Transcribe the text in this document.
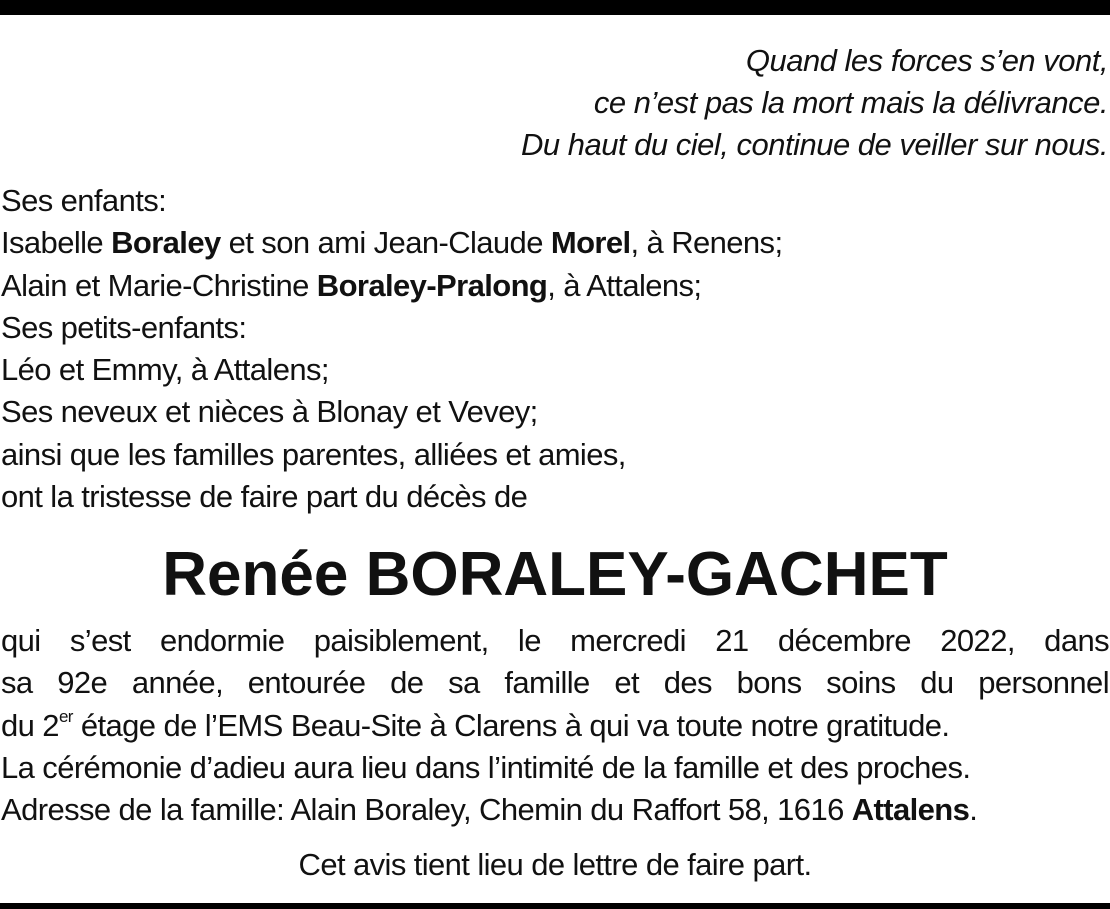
Quand les forces s’en vont,
ce n’est pas la mort mais la délivrance.
Du haut du ciel, continue de veiller sur nous.
Ses enfants:
Isabelle Boraley et son ami Jean-Claude Morel, à Renens;
Alain et Marie-Christine Boraley-Pralong, à Attalens;
Ses petits-enfants:
Léo et Emmy, à Attalens;
Ses neveux et nièces à Blonay et Vevey;
ainsi que les familles parentes, alliées et amies,
ont la tristesse de faire part du décès de
Renée BORALEY-GACHET
qui s’est endormie paisiblement, le mercredi 21 décembre 2022, dans
sa 92e année, entourée de sa famille et des bons soins du personnel
du 2er étage de l’EMS Beau-Site à Clarens à qui va toute notre gratitude.
La cérémonie d’adieu aura lieu dans l’intimité de la famille et des proches.
Adresse de la famille: Alain Boraley, Chemin du Raffort 58, 1616 Attalens.
Cet avis tient lieu de lettre de faire part.
